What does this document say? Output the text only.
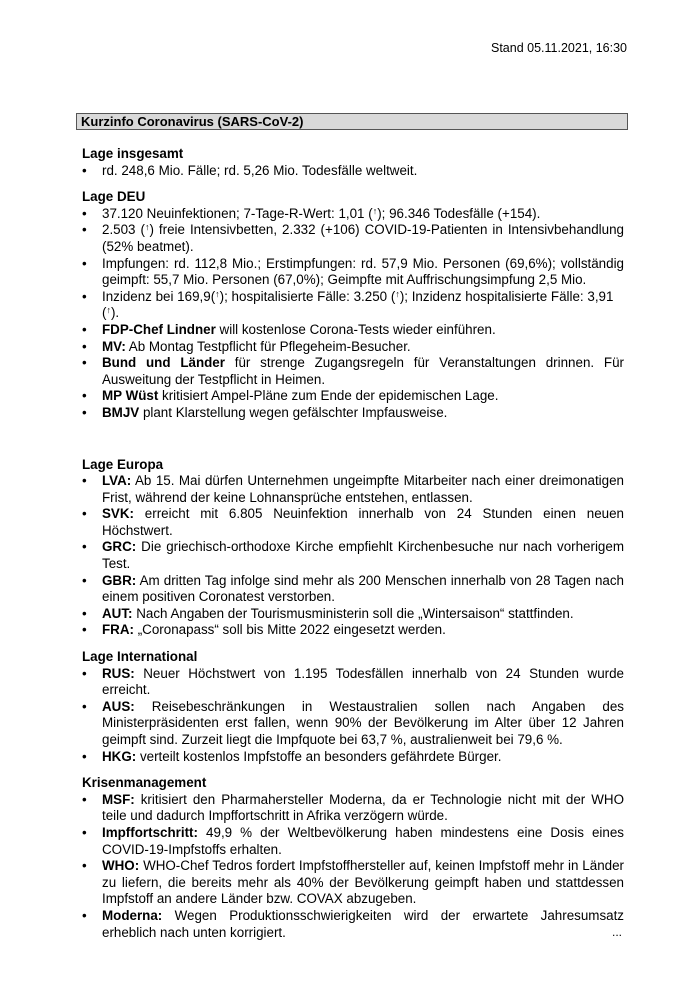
Stand 05.11.2021, 16:30
Kurzinfo Coronavirus (SARS-CoV-2)
Lage insgesamt
• rd. 248,6 Mio. Fälle; rd. 5,26 Mio. Todesfälle weltweit.
Lage DEU
• 37.120 Neuinfektionen; 7-Tage-R-Wert: 1,01 (↑); 96.346 Todesfälle (+154).
• 2.503 (↑) freie Intensivbetten, 2.332 (+106) COVID-19-Patienten in Intensivbehandlung (52% beatmet).
• Impfungen: rd. 112,8 Mio.; Erstimpfungen: rd. 57,9 Mio. Personen (69,6%); vollständig geimpft: 55,7 Mio. Personen (67,0%); Geimpfte mit Auffrischungsimpfung 2,5 Mio.
• Inzidenz bei 169,9(↑); hospitalisierte Fälle: 3.250 (↑); Inzidenz hospitalisierte Fälle: 3,91 (↑).
• FDP-Chef Lindner will kostenlose Corona-Tests wieder einführen.
• MV: Ab Montag Testpflicht für Pflegeheim-Besucher.
• Bund und Länder für strenge Zugangsregeln für Veranstaltungen drinnen. Für Ausweitung der Testpflicht in Heimen.
• MP Wüst kritisiert Ampel-Pläne zum Ende der epidemischen Lage.
• BMJV plant Klarstellung wegen gefälschter Impfausweise.
Lage Europa
• LVA: Ab 15. Mai dürfen Unternehmen ungeimpfte Mitarbeiter nach einer dreimonatigen Frist, während der keine Lohnansprüche entstehen, entlassen.
• SVK: erreicht mit 6.805 Neuinfektion innerhalb von 24 Stunden einen neuen Höchstwert.
• GRC: Die griechisch-orthodoxe Kirche empfiehlt Kirchenbesuche nur nach vorherigem Test.
• GBR: Am dritten Tag infolge sind mehr als 200 Menschen innerhalb von 28 Tagen nach einem positiven Coronatest verstorben.
• AUT: Nach Angaben der Tourismusministerin soll die „Wintersaison“ stattfinden.
• FRA: „Coronapass“ soll bis Mitte 2022 eingesetzt werden.
Lage International
• RUS: Neuer Höchstwert von 1.195 Todesfällen innerhalb von 24 Stunden wurde erreicht.
• AUS: Reisebeschränkungen in Westaustralien sollen nach Angaben des Ministerpräsidenten erst fallen, wenn 90% der Bevölkerung im Alter über 12 Jahren geimpft sind. Zurzeit liegt die Impfquote bei 63,7 %, australienweit bei 79,6 %.
• HKG: verteilt kostenlos Impfstoffe an besonders gefährdete Bürger.
Krisenmanagement
• MSF: kritisiert den Pharmahersteller Moderna, da er Technologie nicht mit der WHO teile und dadurch Impffortschritt in Afrika verzögern würde.
• Impffortschritt: 49,9 % der Weltbevölkerung haben mindestens eine Dosis eines COVID-19-Impfstoffs erhalten.
• WHO: WHO-Chef Tedros fordert Impfstoffhersteller auf, keinen Impfstoff mehr in Länder zu liefern, die bereits mehr als 40% der Bevölkerung geimpft haben und stattdessen Impfstoff an andere Länder bzw. COVAX abzugeben.
• Moderna: Wegen Produktionsschwierigkeiten wird der erwartete Jahresumsatz erheblich nach unten korrigiert.	...
